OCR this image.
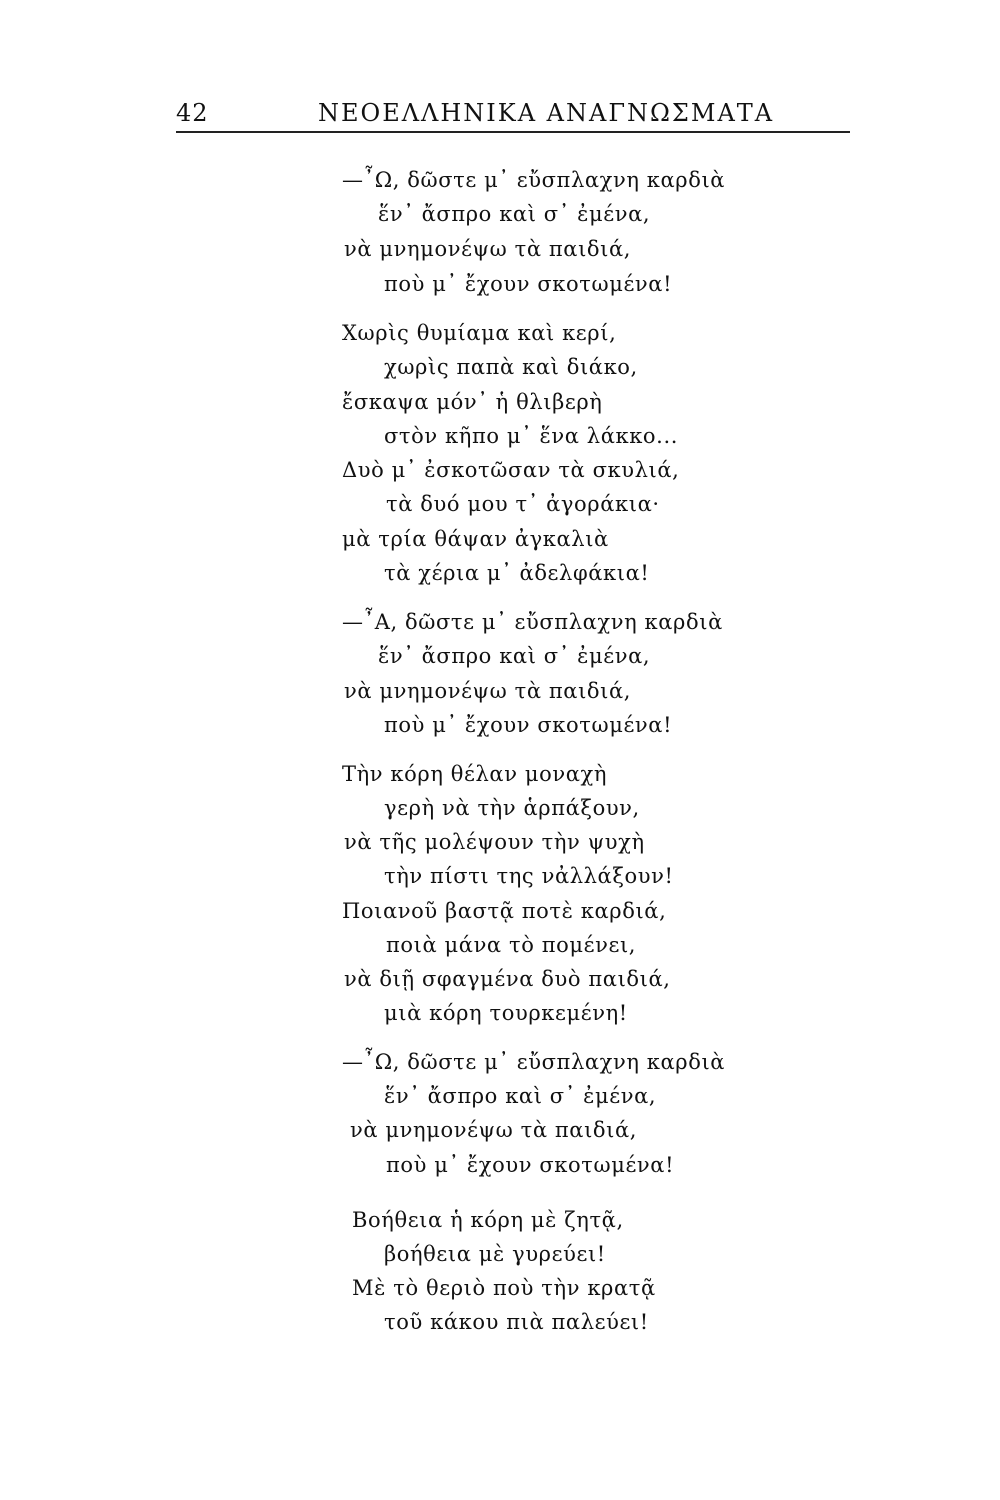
42	ΝΕΟΕΛΛΗΝΙΚΑ ΑΝΑΓΝΩΣΜΑΤΑ
—῏Ω, δῶστε μ᾽ εὔσπλαχνη καρδιὰ
ἕν᾽ ἄσπρο καὶ σ᾽ ἐμένα,
νὰ μνημονέψω τὰ παιδιά,
ποὺ μ᾽ ἔχουν σκοτωμένα!
Χωρὶς θυμίαμα καὶ κερί,
χωρὶς παπὰ καὶ διάκο,
ἔσκαψα μόν᾽ ἡ θλιβερὴ
στὸν κῆπο μ᾽ ἕνα λάκκο...
Δυὸ μ᾽ ἐσκοτῶσαν τὰ σκυλιά,
τὰ δυό μου τ᾽ ἀγοράκια·
μὰ τρία θάψαν ἀγκαλιὰ
τὰ χέρια μ᾽ ἀδελφάκια!
—῏Α, δῶστε μ᾽ εὔσπλαχνη καρδιὰ
ἕν᾽ ἄσπρο καὶ σ᾽ ἐμένα,
νὰ μνημονέψω τὰ παιδιά,
ποὺ μ᾽ ἔχουν σκοτωμένα!
Τὴν κόρη θέλαν μοναχὴ
γερὴ νὰ τὴν ἁρπάξουν,
νὰ τῆς μολέψουν τὴν ψυχὴ
τὴν πίστι της νἀλλάξουν!
Ποιανοῦ βαστᾷ ποτὲ καρδιά,
ποιὰ μάνα τὸ πομένει,
νὰ διῇ σφαγμένα δυὸ παιδιά,
μιὰ κόρη τουρκεμένη!
—῏Ω, δῶστε μ᾽ εὔσπλαχνη καρδιὰ
ἕν᾽ ἄσπρο καὶ σ᾽ ἐμένα,
νὰ μνημονέψω τὰ παιδιά,
ποὺ μ᾽ ἔχουν σκοτωμένα!
Βοήθεια ἡ κόρη μὲ ζητᾷ,
βοήθεια μὲ γυρεύει!
Μὲ τὸ θεριὸ ποὺ τὴν κρατᾷ
τοῦ κάκου πιὰ παλεύει!
